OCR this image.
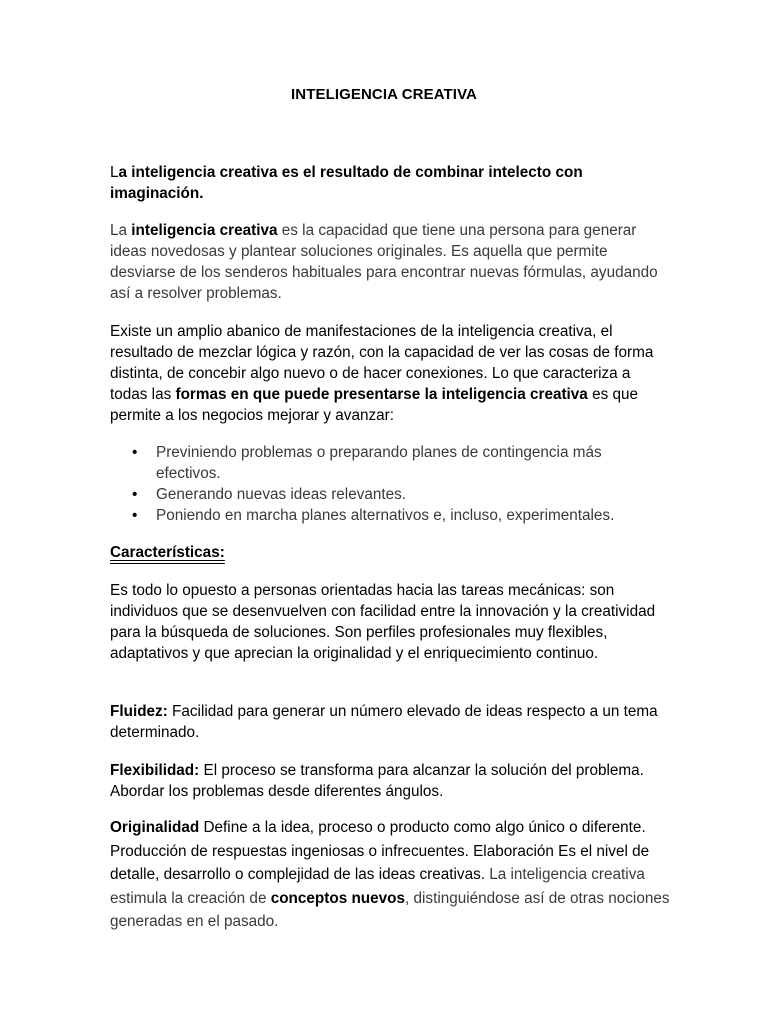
INTELIGENCIA CREATIVA
La inteligencia creativa es el resultado de combinar intelecto con imaginación.
La inteligencia creativa es la capacidad que tiene una persona para generar ideas novedosas y plantear soluciones originales. Es aquella que permite desviarse de los senderos habituales para encontrar nuevas fórmulas, ayudando así a resolver problemas.
Existe un amplio abanico de manifestaciones de la inteligencia creativa, el resultado de mezclar lógica y razón, con la capacidad de ver las cosas de forma distinta, de concebir algo nuevo o de hacer conexiones. Lo que caracteriza a todas las formas en que puede presentarse la inteligencia creativa es que permite a los negocios mejorar y avanzar:
• Previniendo problemas o preparando planes de contingencia más efectivos.
• Generando nuevas ideas relevantes.
• Poniendo en marcha planes alternativos e, incluso, experimentales.
Características:
Es todo lo opuesto a personas orientadas hacia las tareas mecánicas: son individuos que se desenvuelven con facilidad entre la innovación y la creatividad para la búsqueda de soluciones. Son perfiles profesionales muy flexibles, adaptativos y que aprecian la originalidad y el enriquecimiento continuo.
Fluidez: Facilidad para generar un número elevado de ideas respecto a un tema determinado.
Flexibilidad: El proceso se transforma para alcanzar la solución del problema. Abordar los problemas desde diferentes ángulos.
Originalidad Define a la idea, proceso o producto como algo único o diferente. Producción de respuestas ingeniosas o infrecuentes. Elaboración Es el nivel de detalle, desarrollo o complejidad de las ideas creativas. La inteligencia creativa estimula la creación de conceptos nuevos, distinguiéndose así de otras nociones generadas en el pasado.
